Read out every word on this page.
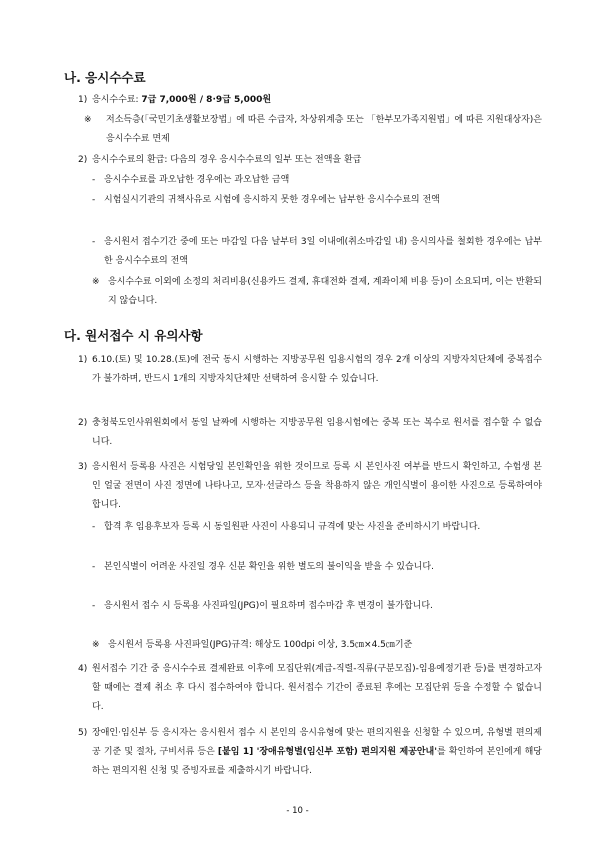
나. 응시수수료
1) 응시수수료: 7급 7,000원 / 8·9급 5,000원
※ 저소득층(「국민기초생활보장법」에 따른 수급자, 차상위계층 또는 「한부모가족지원법」에 따른 지원대상자)은 응시수수료 면제
2) 응시수수료의 환급: 다음의 경우 응시수수료의 일부 또는 전액을 환급
- 응시수수료를 과오납한 경우에는 과오납한 금액
- 시험실시기관의 귀책사유로 시험에 응시하지 못한 경우에는 납부한 응시수수료의 전액
- 응시원서 접수기간 중에 또는 마감일 다음 날부터 3일 이내에(취소마감일 내) 응시의사를 철회한 경우에는 납부한 응시수수료의 전액
※ 응시수수료 이외에 소정의 처리비용(신용카드 결제, 휴대전화 결제, 계좌이체 비용 등)이 소요되며, 이는 반환되지 않습니다.
다. 원서접수 시 유의사항
1) 6.10.(토) 및 10.28.(토)에 전국 동시 시행하는 지방공무원 임용시험의 경우 2개 이상의 지방자치단체에 중복접수가 불가하며, 반드시 1개의 지방자치단체만 선택하여 응시할 수 있습니다.
2) 충청북도인사위원회에서 동일 날짜에 시행하는 지방공무원 임용시험에는 중복 또는 복수로 원서를 접수할 수 없습니다.
3) 응시원서 등록용 사진은 시험당일 본인확인을 위한 것이므로 등록 시 본인사진 여부를 반드시 확인하고, 수험생 본인 얼굴 전면이 사진 정면에 나타나고, 모자·선글라스 등을 착용하지 않은 개인식별이 용이한 사진으로 등록하여야 합니다.
- 합격 후 임용후보자 등록 시 동일원판 사진이 사용되니 규격에 맞는 사진을 준비하시기 바랍니다.
- 본인식별이 어려운 사진일 경우 신분 확인을 위한 별도의 불이익을 받을 수 있습니다.
- 응시원서 접수 시 등록용 사진파일(JPG)이 필요하며 접수마감 후 변경이 불가합니다.
※ 응시원서 등록용 사진파일(JPG)규격: 해상도 100dpi 이상, 3.5㎝×4.5㎝기준
4) 원서접수 기간 중 응시수수료 결제완료 이후에 모집단위(계급-직렬-직류(구분모집)-임용예정기관 등)를 변경하고자 할 때에는 결제 취소 후 다시 접수하여야 합니다. 원서접수 기간이 종료된 후에는 모집단위 등을 수정할 수 없습니다.
5) 장애인·임신부 등 응시자는 응시원서 접수 시 본인의 응시유형에 맞는 편의지원을 신청할 수 있으며, 유형별 편의제공 기준 및 절차, 구비서류 등은 [붙임 1] '장애유형별(임신부 포함) 편의지원 제공안내'를 확인하여 본인에게 해당하는 편의지원 신청 및 증빙자료를 제출하시기 바랍니다.
- 10 -
